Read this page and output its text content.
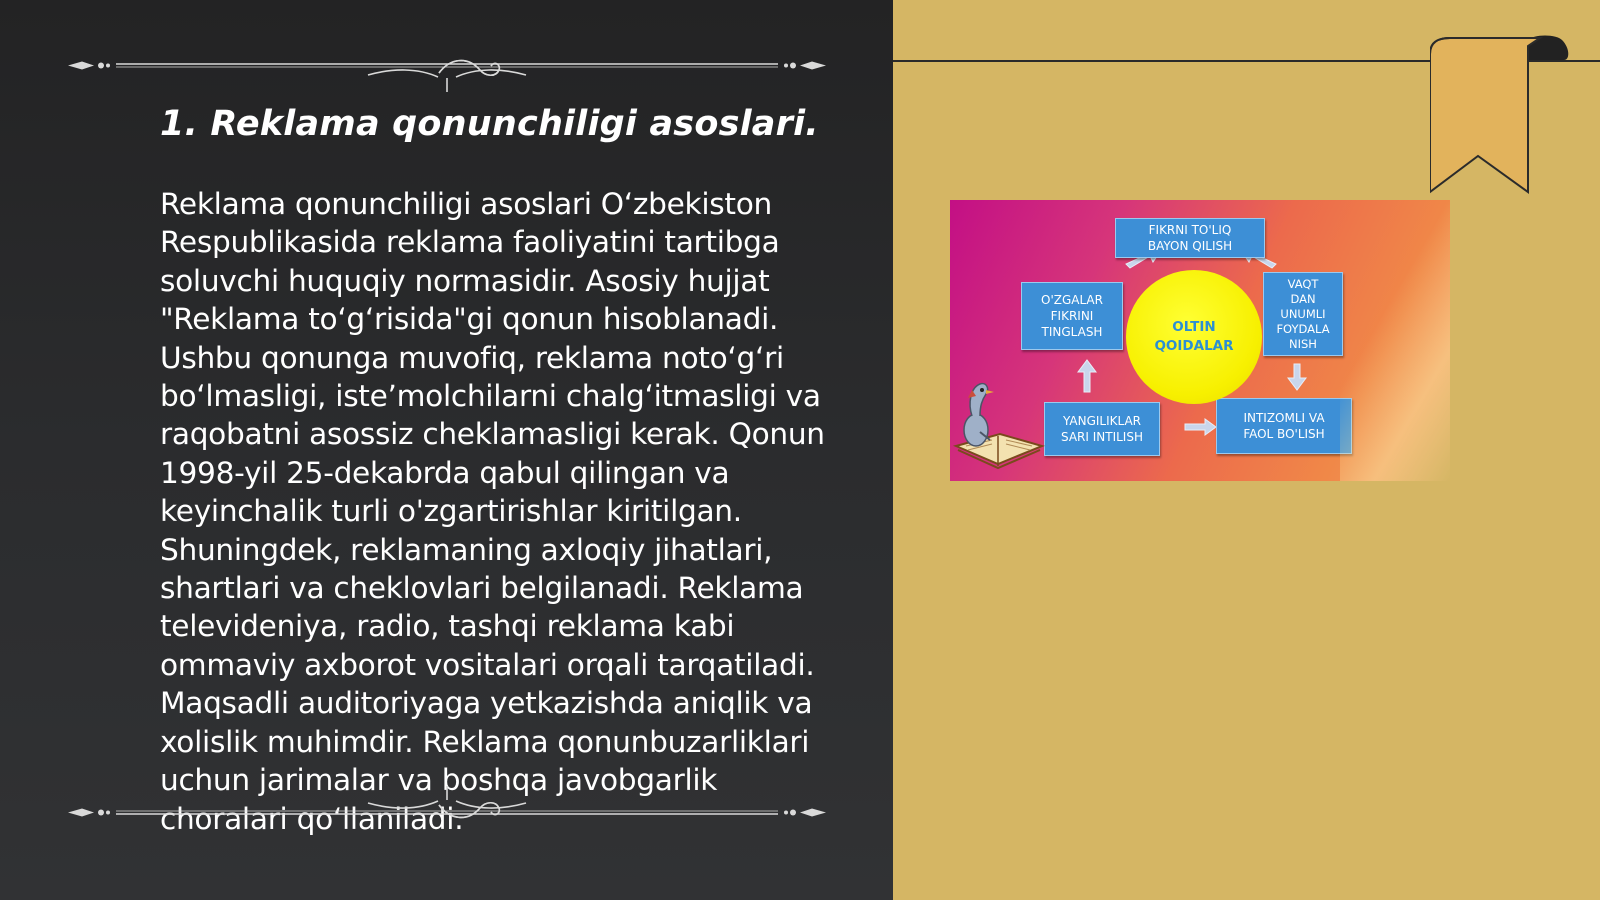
1. Reklama qonunchiligi asoslari.

Reklama qonunchiligi asoslari O‘zbekiston Respublikasida reklama faoliyatini tartibga soluvchi huquqiy normasidir. Asosiy hujjat "Reklama to‘g‘risida"gi qonun hisoblanadi. Ushbu qonunga muvofiq, reklama noto‘g‘ri bo‘lmasligi, iste’molchilarni chalg‘itmasligi va raqobatni asossiz cheklamasligi kerak. Qonun 1998-yil 25-dekabrda qabul qilingan va keyinchalik turli o'zgartirishlar kiritilgan. Shuningdek, reklamaning axloqiy jihatlari, shartlari va cheklovlari belgilanadi. Reklama televideniya, radio, tashqi reklama kabi ommaviy axborot vositalari orqali tarqatiladi. Maqsadli auditoriyaga yetkazishda aniqlik va xolislik muhimdir. Reklama qonunbuzarliklari uchun jarimalar va boshqa javobgarlik choralari qo‘llaniladi.

FIKRNI TO'LIQ
BAYON QILISH
VAQT
DAN
UNUMLI
FOYDALA
NISH
O'ZGALAR
FIKRINI
TINGLASH
YANGILIKLAR
SARI INTILISH
INTIZOMLI VA
FAOL BO'LISH
OLTIN
QOIDALAR
